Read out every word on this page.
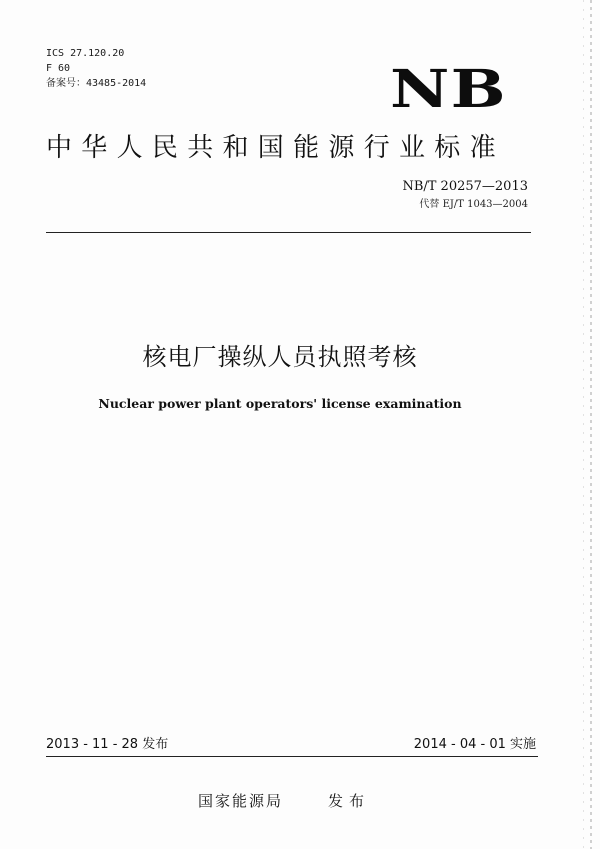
ICS 27.120.20
F 60
备案号：43485-2014	NB
中华人民共和国能源行业标准
NB/T 20257—2013
代替 EJ/T 1043—2004
核电厂操纵人员执照考核
Nuclear power plant operators' license examination
2013 - 11 - 28 发布	2014 - 04 - 01 实施
国家能源局	发布
